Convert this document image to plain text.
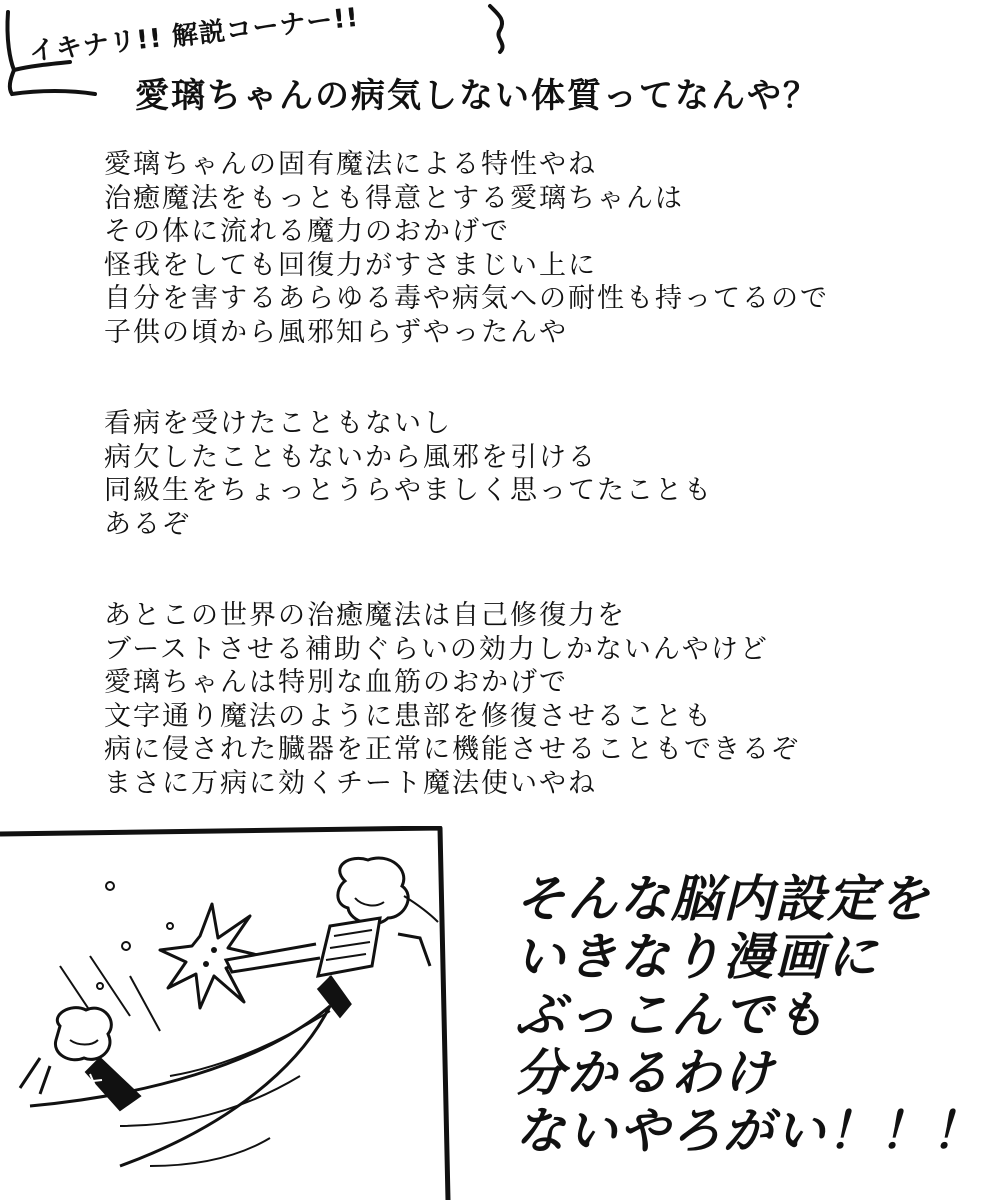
イキナリ!! 解説コーナー!!
愛璃ちゃんの病気しない体質ってなんや？

愛璃ちゃんの固有魔法による特性やね
治癒魔法をもっとも得意とする愛璃ちゃんは
その体に流れる魔力のおかげで
怪我をしても回復力がすさまじい上に
自分を害するあらゆる毒や病気への耐性も持ってるので
子供の頃から風邪知らずやったんや

看病を受けたこともないし
病欠したこともないから風邪を引ける
同級生をちょっとうらやましく思ってたことも
あるぞ

あとこの世界の治癒魔法は自己修復力を
ブーストさせる補助ぐらいの効力しかないんやけど
愛璃ちゃんは特別な血筋のおかげで
文字通り魔法のように患部を修復させることも
病に侵された臓器を正常に機能させることもできるぞ
まさに万病に効くチート魔法使いやね

そんな脳内設定を
いきなり漫画に
ぶっこんでも
分かるわけ
ないやろがい！！！
